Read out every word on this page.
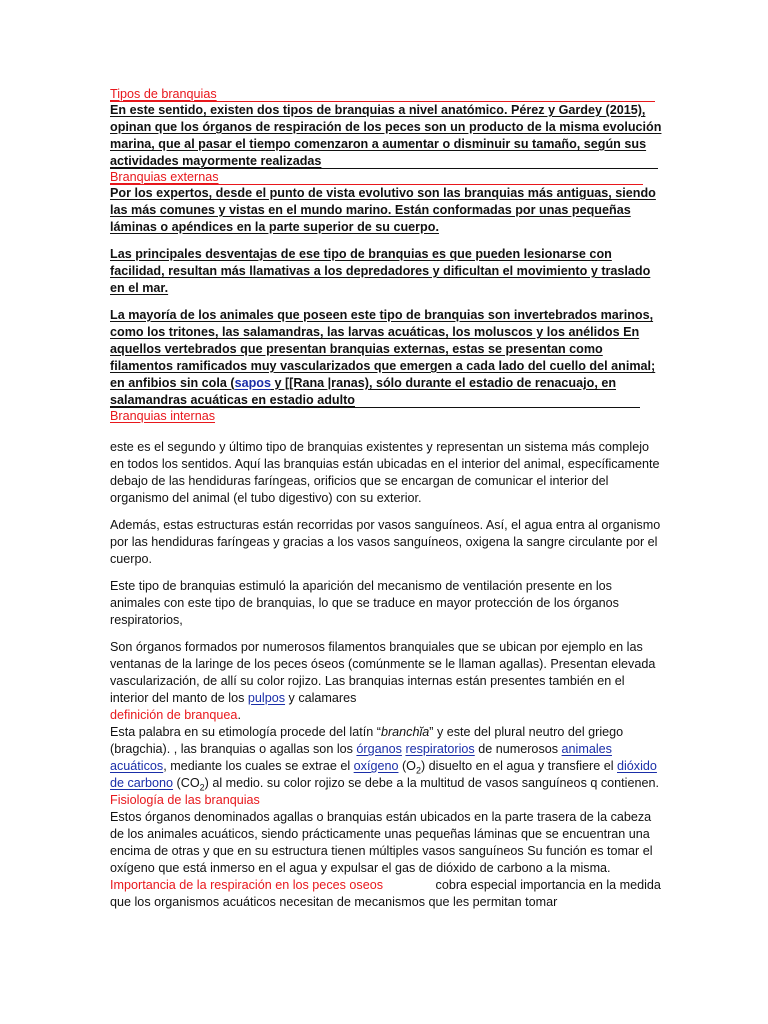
Tipos de branquias

En este sentido, existen dos tipos de branquias a nivel anatómico. Pérez y Gardey (2015), opinan que los órganos de respiración de los peces son un producto de la misma evolución marina, que al pasar el tiempo comenzaron a aumentar o disminuir su tamaño, según sus actividades mayormente realizadas

Branquias externas

Por los expertos, desde el punto de vista evolutivo son las branquias más antiguas, siendo las más comunes y vistas en el mundo marino. Están conformadas por unas pequeñas láminas o apéndices en la parte superior de su cuerpo.

Las principales desventajas de ese tipo de branquias es que pueden lesionarse con facilidad, resultan más llamativas a los depredadores y dificultan el movimiento y traslado en el mar.

La mayoría de los animales que poseen este tipo de branquias son invertebrados marinos, como los tritones, las salamandras, las larvas acuáticas, los moluscos y los anélidos En aquellos vertebrados que presentan branquias externas, estas se presentan como filamentos ramificados muy vascularizados que emergen a cada lado del cuello del animal; en anfibios sin cola (sapos y [[Rana |ranas), sólo durante el estadio de renacuajo, en salamandras acuáticas en estadio adulto

Branquias internas

este es el segundo y último tipo de branquias existentes y representan un sistema más complejo en todos los sentidos. Aquí las branquias están ubicadas en el interior del animal, específicamente debajo de las hendiduras faríngeas, orificios que se encargan de comunicar el interior del organismo del animal (el tubo digestivo) con su exterior.

Además, estas estructuras están recorridas por vasos sanguíneos. Así, el agua entra al organismo por las hendiduras faríngeas y gracias a los vasos sanguíneos, oxigena la sangre circulante por el cuerpo.

Este tipo de branquias estimuló la aparición del mecanismo de ventilación presente en los animales con este tipo de branquias, lo que se traduce en mayor protección de los órganos respiratorios,

Son órganos formados por numerosos filamentos branquiales que se ubican por ejemplo en las ventanas de la laringe de los peces óseos (comúnmente se le llaman agallas). Presentan elevada vascularización, de allí su color rojizo. Las branquias internas están presentes también en el interior del manto de los pulpos y calamares

definición de branquea.

Esta palabra en su etimología procede del latín “branchĭa” y este del plural neutro del griego (bragchia). , las branquias o agallas son los órganos respiratorios de numerosos animales acuáticos, mediante los cuales se extrae el oxígeno $(O_2)$ disuelto en el agua y transfiere el dióxido de carbono $(CO_2)$ al medio. su color rojizo se debe a la multitud de vasos sanguíneos q contienen.

Fisiología de las branquias

Estos órganos denominados agallas o branquias están ubicados en la parte trasera de la cabeza de los animales acuáticos, siendo prácticamente unas pequeñas láminas que se encuentran una encima de otras y que en su estructura tienen múltiples vasos sanguíneos Su función es tomar el oxígeno que está inmerso en el agua y expulsar el gas de dióxido de carbono a la misma.

Importancia de la respiración en los peces oseos	cobra especial importancia en la medida que los organismos acuáticos necesitan de mecanismos que les permitan tomar
